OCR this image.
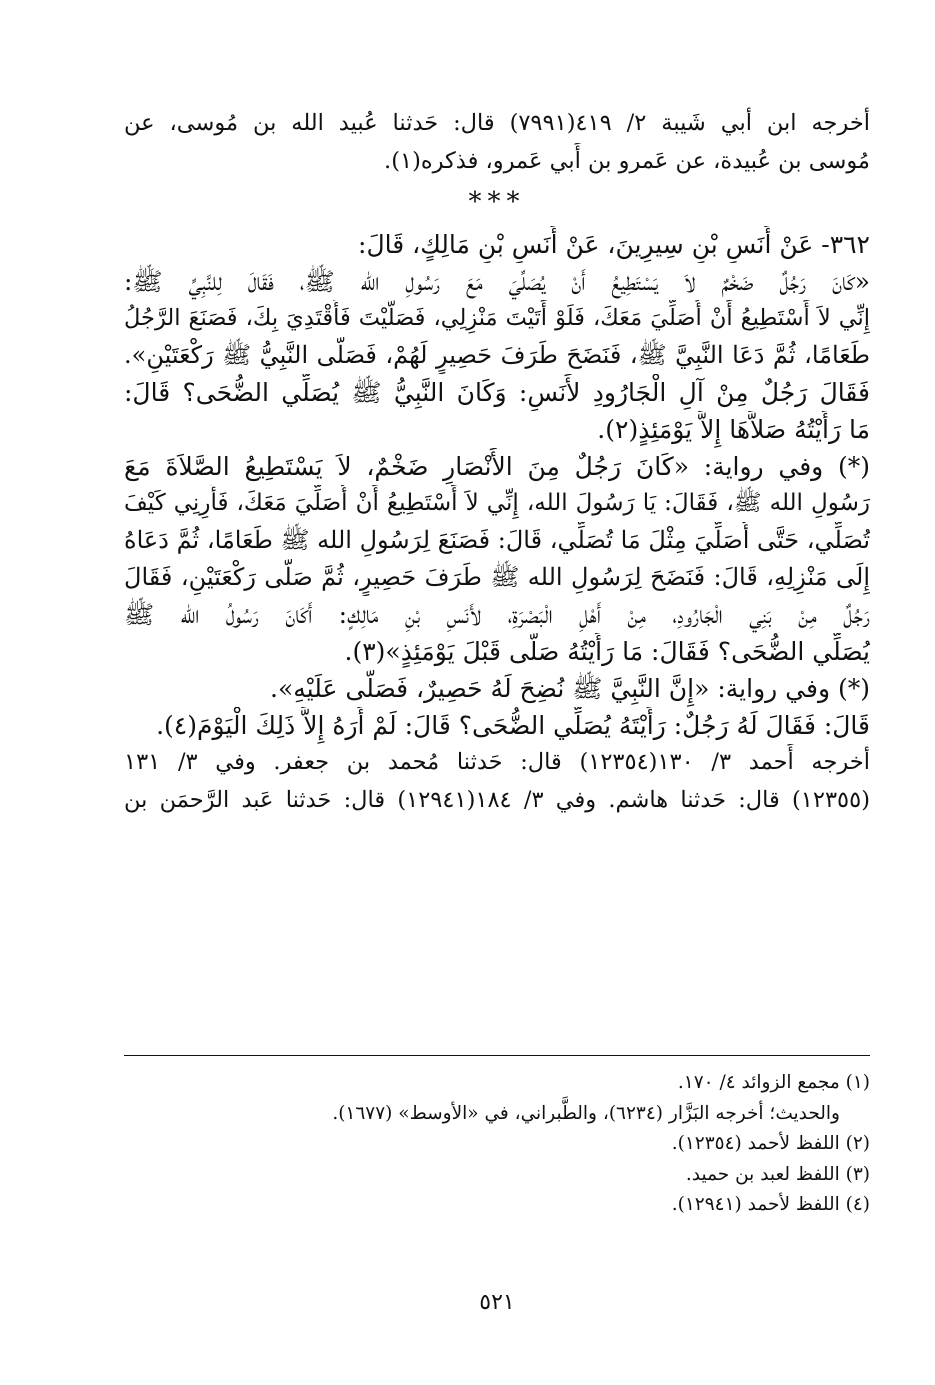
أخرجه ابن أبي شَيبة ٢/ ٤١٩(٧٩٩١) قال: حَدثنا عُبيد الله بن مُوسى، عن
مُوسى بن عُبيدة، عن عَمرو بن أَبي عَمرو، فذكره(١).
***
٣٦٢- عَنْ أَنَسِ بْنِ سِيرِينَ، عَنْ أَنَسِ بْنِ مَالِكٍ، قَالَ:
«كَانَ رَجُلٌ ضَخْمٌ لاَ يَسْتَطِيعُ أَنْ يُصَلِّيَ مَعَ رَسُولِ الله ﷺ، فَقَالَ لِلنَّبِيِّ ﷺ:
إِنِّي لاَ أَسْتَطِيعُ أَنْ أُصَلِّيَ مَعَكَ، فَلَوْ أَتَيْتَ مَنْزِلِي، فَصَلَّيْتَ فَأَقْتَدِيَ بِكَ، فَصَنَعَ الرَّجُلُ
طَعَامًا، ثُمَّ دَعَا النَّبِيَّ ﷺ، فَنَضَحَ طَرَفَ حَصِيرٍ لَهُمْ، فَصَلَّى النَّبِيُّ ﷺ رَكْعَتَيْنِ».
فَقَالَ رَجُلٌ مِنْ آلِ الْجَارُودِ لأَنَسٍ: وَكَانَ النَّبِيُّ ﷺ يُصَلِّي الضُّحَى؟ قَالَ:
مَا رَأَيْتُهُ صَلاَّهَا إِلاَّ يَوْمَئِذٍ(٢).
(*) وفي رواية: «كَانَ رَجُلٌ مِنَ الأَنْصَارِ ضَخْمٌ، لاَ يَسْتَطِيعُ الصَّلاَةَ مَعَ
رَسُولِ الله ﷺ، فَقَالَ: يَا رَسُولَ الله، إِنِّي لاَ أَسْتَطِيعُ أَنْ أُصَلِّيَ مَعَكَ، فَأَرِنِي كَيْفَ
تُصَلِّي، حَتَّى أُصَلِّيَ مِثْلَ مَا تُصَلِّي، قَالَ: فَصَنَعَ لِرَسُولِ الله ﷺ طَعَامًا، ثُمَّ دَعَاهُ
إِلَى مَنْزِلِهِ، قَالَ: فَنَضَحَ لِرَسُولِ الله ﷺ طَرَفَ حَصِيرٍ، ثُمَّ صَلَّى رَكْعَتَيْنِ، فَقَالَ
رَجُلٌ مِنْ بَنِي الْجَارُودِ، مِنْ أَهْلِ الْبَصْرَةِ، لأَنَسِ بْنِ مَالِكٍ: أَكَانَ رَسُولُ الله ﷺ
يُصَلِّي الضُّحَى؟ فَقَالَ: مَا رَأَيْتُهُ صَلَّى قَبْلَ يَوْمَئِذٍ»(٣).
(*) وفي رواية: «إِنَّ النَّبِيَّ ﷺ نُضِحَ لَهُ حَصِيرٌ، فَصَلَّى عَلَيْهِ».
قَالَ: فَقَالَ لَهُ رَجُلٌ: رَأَيْتَهُ يُصَلِّي الضُّحَى؟ قَالَ: لَمْ أَرَهُ إِلاَّ ذَلِكَ الْيَوْمَ(٤).
أخرجه أَحمد ٣/ ١٣٠(١٢٣٥٤) قال: حَدثنا مُحمد بن جعفر. وفي ٣/ ١٣١
(١٢٣٥٥) قال: حَدثنا هاشم. وفي ٣/ ١٨٤(١٢٩٤١) قال: حَدثنا عَبد الرَّحمَن بن
(١) مجمع الزوائد ٤/ ١٧٠.
والحديث؛ أخرجه البَزَّار (٦٢٣٤)، والطَّبراني، في «الأوسط» (١٦٧٧).
(٢) اللفظ لأحمد (١٢٣٥٤).
(٣) اللفظ لعبد بن حميد.
(٤) اللفظ لأحمد (١٢٩٤١).
٥٢١
